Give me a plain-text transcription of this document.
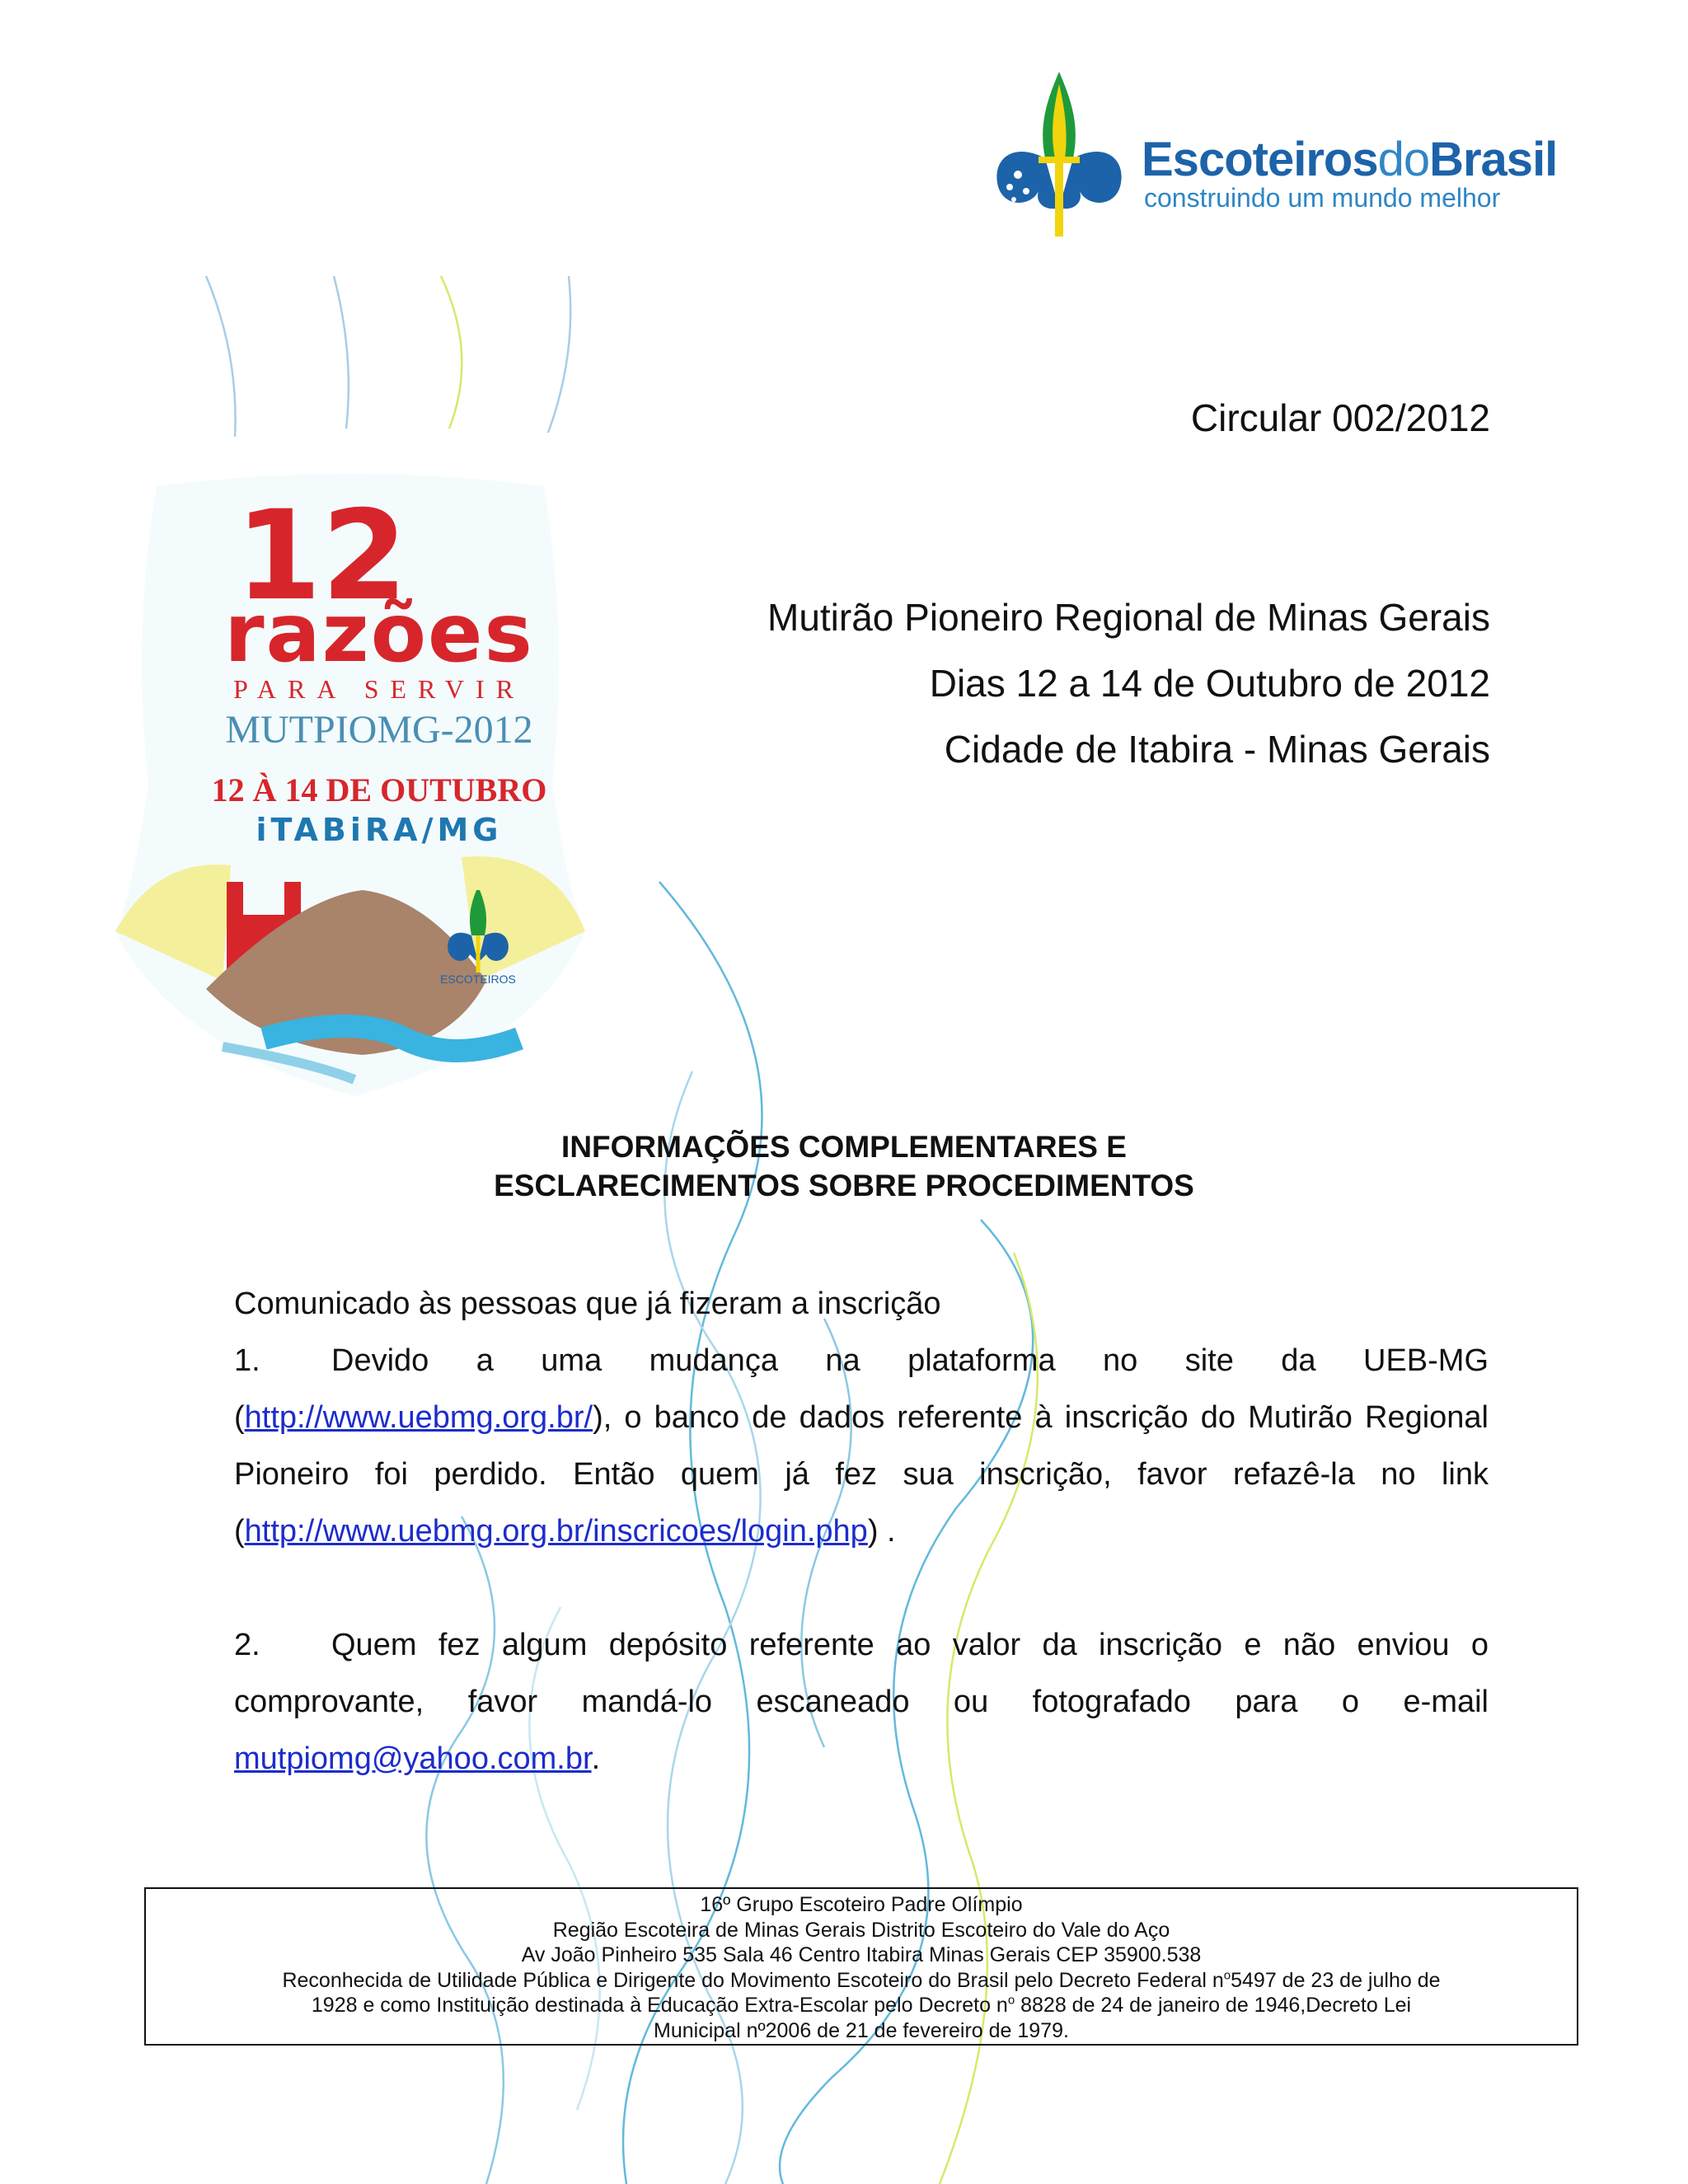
EscoteirosdoBrasil
construindo um mundo melhor
Circular 002/2012
Mutirão Pioneiro Regional de Minas Gerais
Dias 12 a 14 de Outubro de 2012
Cidade de Itabira - Minas Gerais
12
razões
PARA SERVIR
MUTPIOMG-2012
12 À 14 DE OUTUBRO
iTABiRA/MG
ESCOTEIROS
INFORMAÇÕES COMPLEMENTARES E
ESCLARECIMENTOS SOBRE PROCEDIMENTOS
Comunicado às pessoas que já fizeram a inscrição
1. Devido a uma mudança na plataforma no site da UEB-MG (http://www.uebmg.org.br/), o banco de dados referente à inscrição do Mutirão Regional Pioneiro foi perdido. Então quem já fez sua inscrição, favor refazê-la no link (http://www.uebmg.org.br/inscricoes/login.php) .
2. Quem fez algum depósito referente ao valor da inscrição e não enviou o comprovante, favor mandá-lo escaneado ou fotografado para o e-mail mutpiomg@yahoo.com.br.
16º Grupo Escoteiro Padre Olímpio
Região Escoteira de Minas Gerais Distrito Escoteiro do Vale do Aço
Av João Pinheiro 535 Sala 46 Centro Itabira Minas Gerais CEP 35900.538
Reconhecida de Utilidade Pública e Dirigente do Movimento Escoteiro do Brasil pelo Decreto Federal $n^o5497$ de 23 de julho de
1928 e como Instituição destinada à Educação Extra-Escolar pelo Decreto $n^o$ 8828 de 24 de janeiro de 1946,Decreto Lei
Municipal nº2006 de 21 de fevereiro de 1979.
